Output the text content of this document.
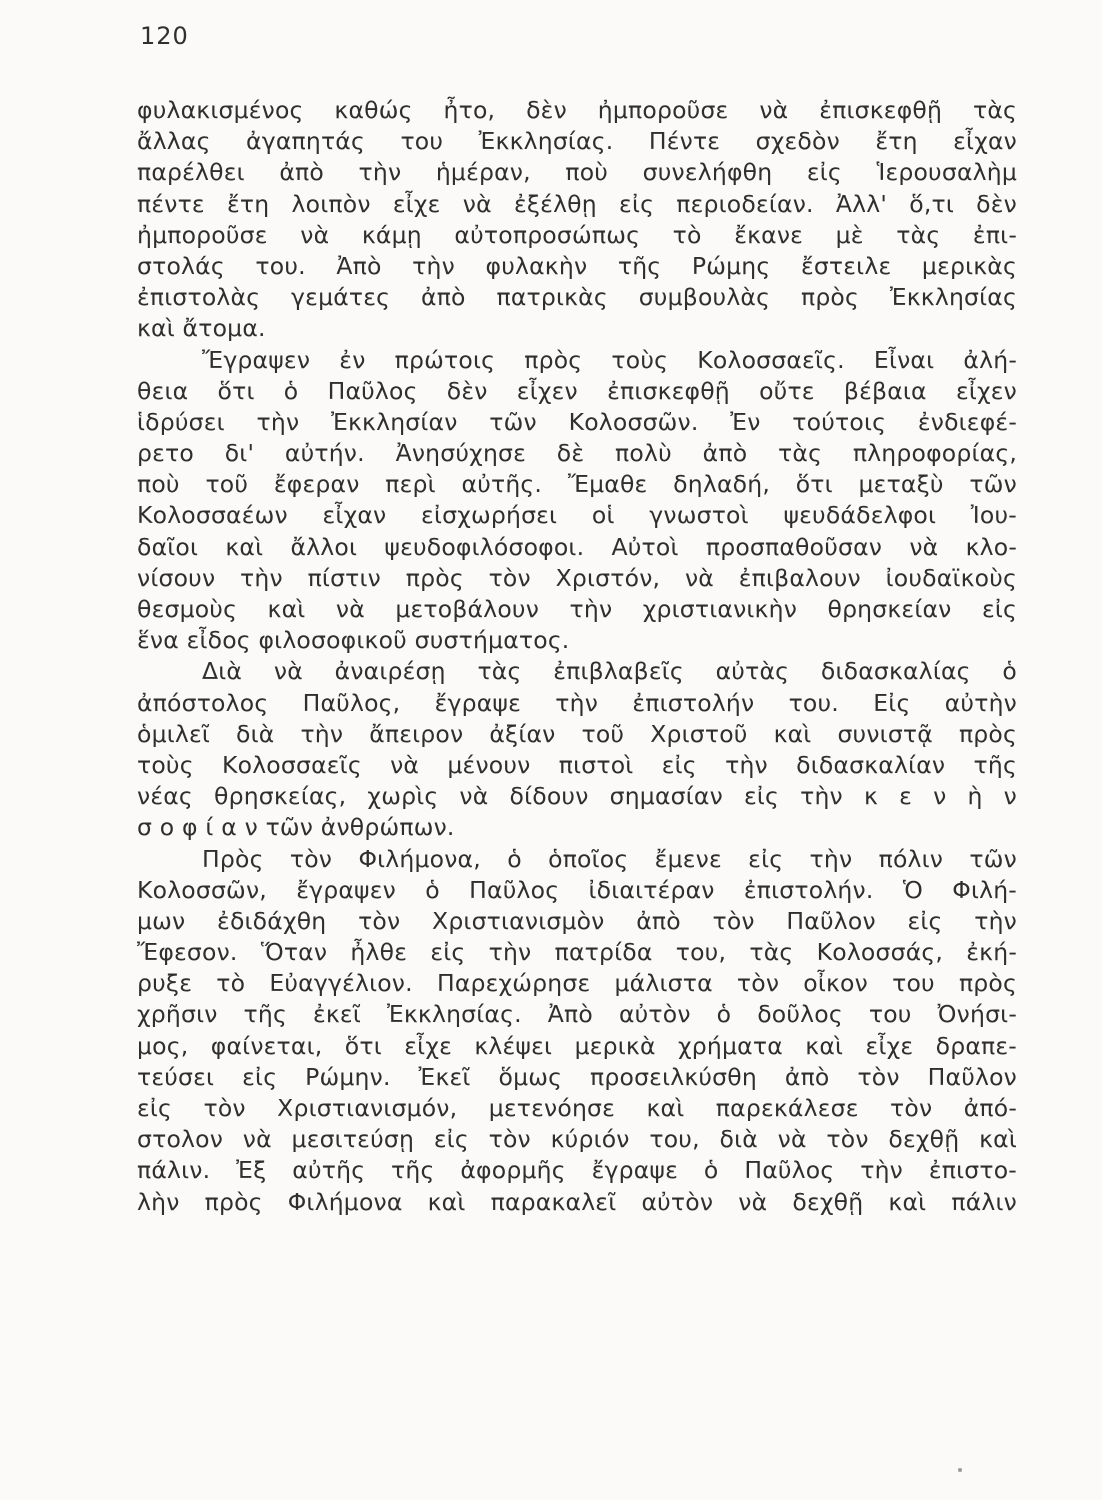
120
φυλακισμένος καθώς ἦτο, δὲν ἠμποροῦσε νὰ ἐπισκεφθῇ τὰς
ἄλλας ἀγαπητάς του Ἐκκλησίας. Πέντε σχεδὸν ἔτη εἶχαν
παρέλθει ἀπὸ τὴν ἡμέραν, ποὺ συνελήφθη εἰς Ἱερουσαλὴμ
πέντε ἔτη λοιπὸν εἶχε νὰ ἐξέλθῃ εἰς περιοδείαν. Ἀλλ' ὅ,τι δὲν
ἠμποροῦσε νὰ κάμῃ αὐτοπροσώπως τὸ ἔκανε μὲ τὰς ἐπι-
στολάς του. Ἀπὸ τὴν φυλακὴν τῆς Ρώμης ἔστειλε μερικὰς
ἐπιστολὰς γεμάτες ἀπὸ πατρικὰς συμβουλὰς πρὸς Ἐκκλησίας
καὶ ἄτομα.
Ἔγραψεν ἐν πρώτοις πρὸς τοὺς Κολοσσαεῖς. Εἶναι ἀλή-
θεια ὅτι ὁ Παῦλος δὲν εἶχεν ἐπισκεφθῇ οὔτε βέβαια εἶχεν
ἱδρύσει τὴν Ἐκκλησίαν τῶν Κολοσσῶν. Ἐν τούτοις ἐνδιεφέ-
ρετο δι' αὐτήν. Ἀνησύχησε δὲ πολὺ ἀπὸ τὰς πληροφορίας,
ποὺ τοῦ ἔφεραν περὶ αὐτῆς. Ἔμαθε δηλαδή, ὅτι μεταξὺ τῶν
Κολοσσαέων εἶχαν εἰσχωρήσει οἱ γνωστοὶ ψευδάδελφοι Ἰου-
δαῖοι καὶ ἄλλοι ψευδοφιλόσοφοι. Αὐτοὶ προσπαθοῦσαν νὰ κλο-
νίσουν τὴν πίστιν πρὸς τὸν Χριστόν, νὰ ἐπιβαλουν ἰουδαϊκοὺς
θεσμοὺς καὶ νὰ μετοβάλουν τὴν χριστιανικὴν θρησκείαν εἰς
ἕνα εἶδος φιλοσοφικοῦ συστήματος.
Διὰ νὰ ἀναιρέσῃ τὰς ἐπιβλαβεῖς αὐτὰς διδασκαλίας ὁ
ἀπόστολος Παῦλος, ἔγραψε τὴν ἐπιστολήν του. Εἰς αὐτὴν
ὁμιλεῖ διὰ τὴν ἄπειρον ἀξίαν τοῦ Χριστοῦ καὶ συνιστᾷ πρὸς
τοὺς Κολοσσαεῖς νὰ μένουν πιστοὶ εἰς τὴν διδασκαλίαν τῆς
νέας θρησκείας, χωρὶς νὰ δίδουν σημασίαν εἰς τὴν κ ε ν ὴ ν
σ ο φ ί α ν τῶν ἀνθρώπων.
Πρὸς τὸν Φιλήμονα, ὁ ὁποῖος ἔμενε εἰς τὴν πόλιν τῶν
Κολοσσῶν, ἔγραψεν ὁ Παῦλος ἰδιαιτέραν ἐπιστολήν. Ὁ Φιλή-
μων ἐδιδάχθη τὸν Χριστιανισμὸν ἀπὸ τὸν Παῦλον εἰς τὴν
Ἔφεσον. Ὅταν ἦλθε εἰς τὴν πατρίδα του, τὰς Κολοσσάς, ἐκή-
ρυξε τὸ Εὐαγγέλιον. Παρεχώρησε μάλιστα τὸν οἶκον του πρὸς
χρῆσιν τῆς ἐκεῖ Ἐκκλησίας. Ἀπὸ αὐτὸν ὁ δοῦλος του Ὀνήσι-
μος, φαίνεται, ὅτι εἶχε κλέψει μερικὰ χρήματα καὶ εἶχε δραπε-
τεύσει εἰς Ρώμην. Ἐκεῖ ὅμως προσειλκύσθη ἀπὸ τὸν Παῦλον
εἰς τὸν Χριστιανισμόν, μετενόησε καὶ παρεκάλεσε τὸν ἀπό-
στολον νὰ μεσιτεύσῃ εἰς τὸν κύριόν του, διὰ νὰ τὸν δεχθῇ καὶ
πάλιν. Ἐξ αὐτῆς τῆς ἀφορμῆς ἔγραψε ὁ Παῦλος τὴν ἐπιστο-
λὴν πρὸς Φιλήμονα καὶ παρακαλεῖ αὐτὸν νὰ δεχθῇ καὶ πάλιν
